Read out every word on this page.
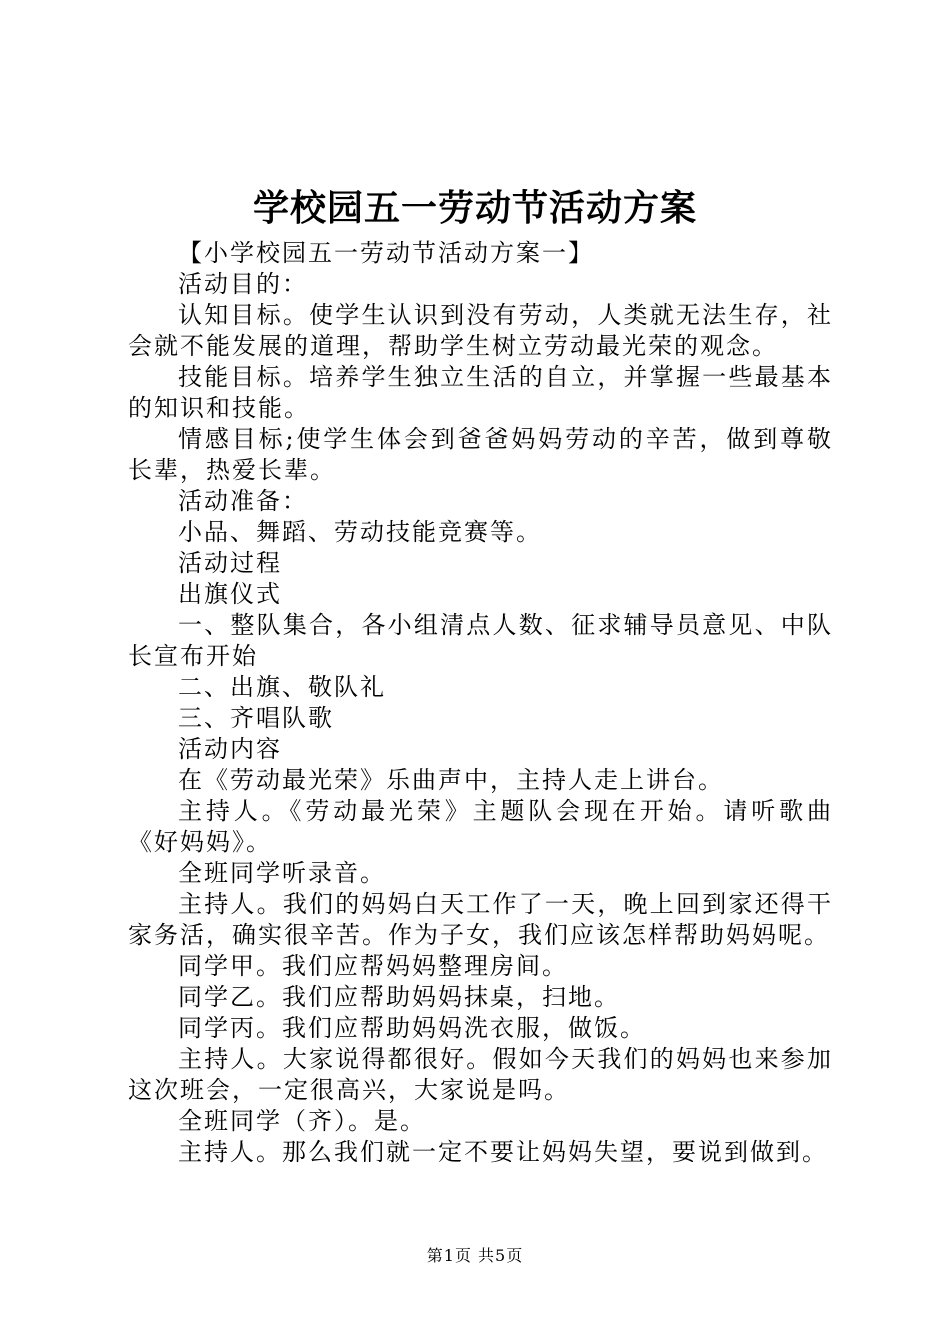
学校园五一劳动节活动方案

【小学校园五一劳动节活动方案一】

活动目的：

认知目标。使学生认识到没有劳动，人类就无法生存，社会就不能发展的道理，帮助学生树立劳动最光荣的观念。

技能目标。培养学生独立生活的自立，并掌握一些最基本的知识和技能。

情感目标;使学生体会到爸爸妈妈劳动的辛苦，做到尊敬长辈，热爱长辈。

活动准备：

小品、舞蹈、劳动技能竞赛等。

活动过程

出旗仪式

一、整队集合，各小组清点人数、征求辅导员意见、中队长宣布开始

二、出旗、敬队礼

三、齐唱队歌

活动内容

在《劳动最光荣》乐曲声中，主持人走上讲台。

主持人。《劳动最光荣》主题队会现在开始。请听歌曲《好妈妈》。

全班同学听录音。

主持人。我们的妈妈白天工作了一天，晚上回到家还得干家务活，确实很辛苦。作为子女，我们应该怎样帮助妈妈呢。

同学甲。我们应帮妈妈整理房间。

同学乙。我们应帮助妈妈抹桌，扫地。

同学丙。我们应帮助妈妈洗衣服，做饭。

主持人。大家说得都很好。假如今天我们的妈妈也来参加这次班会，一定很高兴，大家说是吗。

全班同学（齐）。是。

主持人。那么我们就一定不要让妈妈失望，要说到做到。

第1页 共5页
